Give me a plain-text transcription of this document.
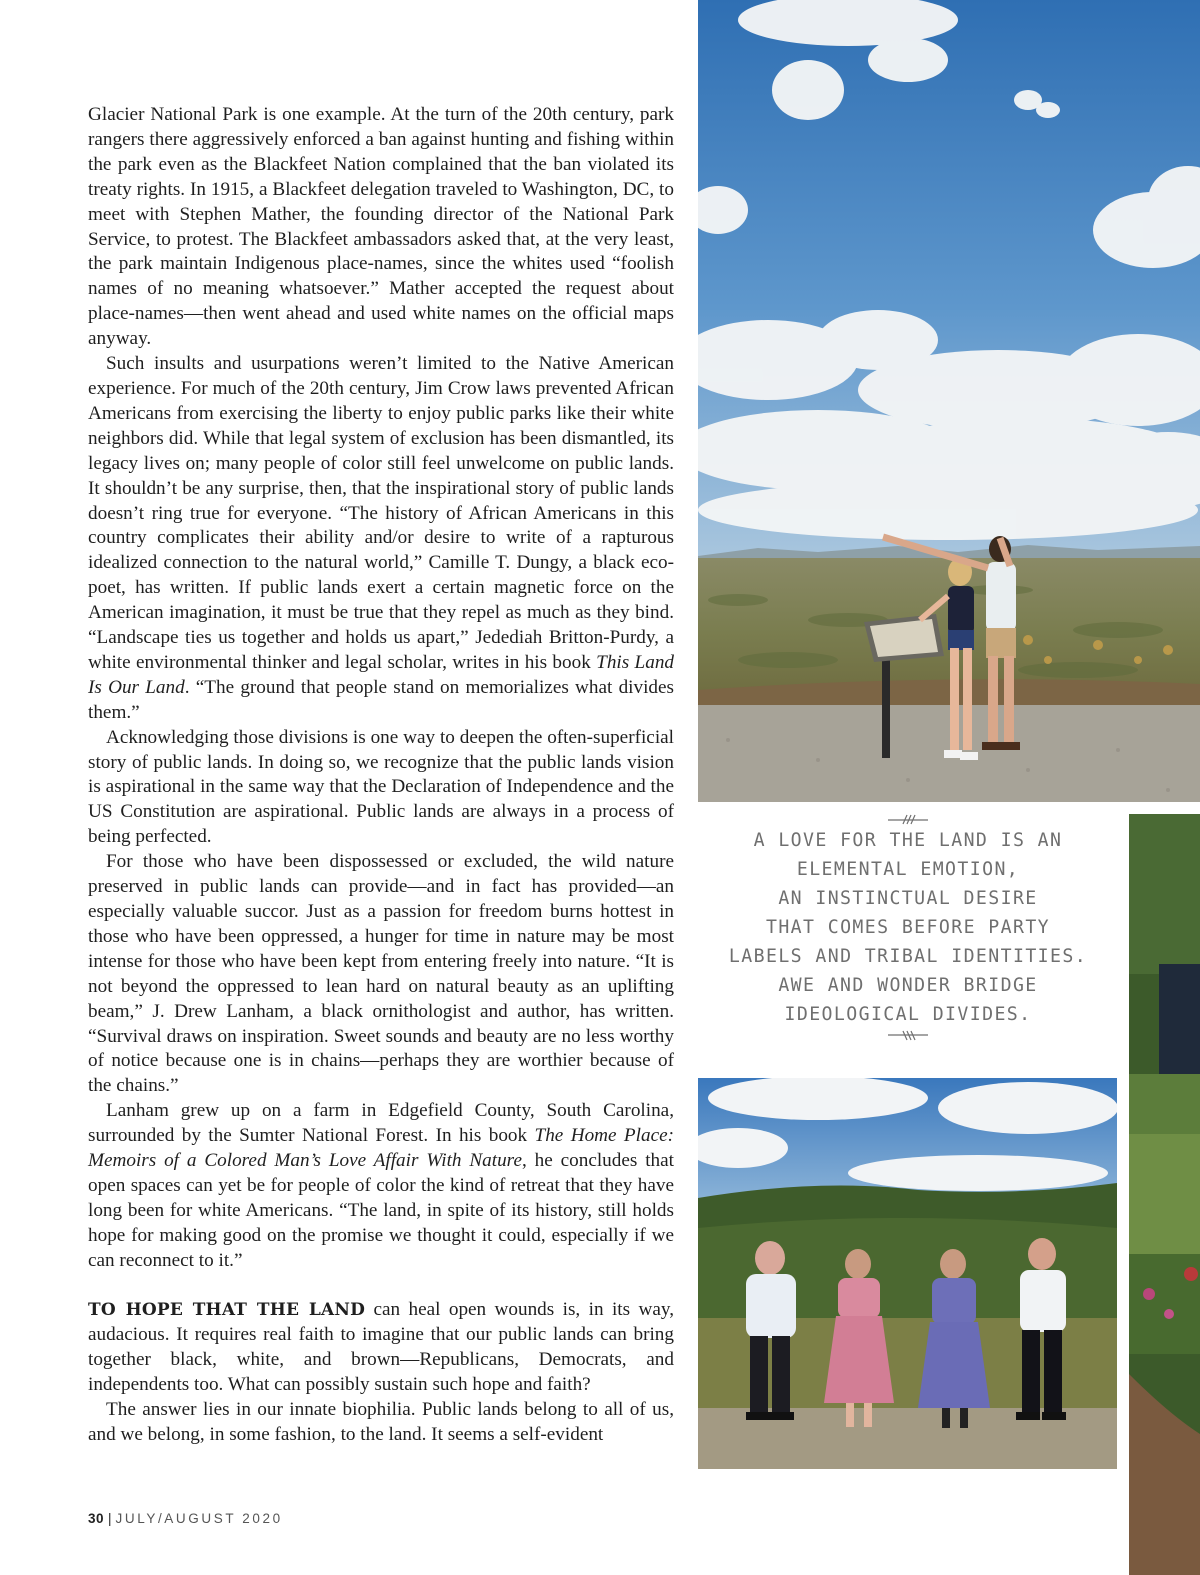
Glacier National Park is one example. At the turn of the 20th century, park rangers there aggressively enforced a ban against hunting and fishing within the park even as the Blackfeet Nation complained that the ban violated its treaty rights. In 1915, a Blackfeet delegation traveled to Washington, DC, to meet with Stephen Mather, the founding director of the National Park Service, to protest. The Blackfeet ambassadors asked that, at the very least, the park maintain Indigenous place-names, since the whites used “foolish names of no meaning whatsoever.” Mather accepted the request about place-names—then went ahead and used white names on the official maps anyway.

Such insults and usurpations weren’t limited to the Native American experience. For much of the 20th century, Jim Crow laws prevented African Americans from exercising the liberty to enjoy public parks like their white neighbors did. While that legal system of exclusion has been dismantled, its legacy lives on; many people of color still feel unwelcome on public lands. It shouldn’t be any surprise, then, that the inspirational story of public lands doesn’t ring true for everyone. “The history of African Americans in this country complicates their ability and/or desire to write of a rapturous idealized connection to the natural world,” Camille T. Dungy, a black eco-poet, has written. If public lands exert a certain magnetic force on the American imagination, it must be true that they repel as much as they bind. “Landscape ties us together and holds us apart,” Jedediah Britton-Purdy, a white environmental thinker and legal scholar, writes in his book This Land Is Our Land. “The ground that people stand on memorializes what divides them.”

Acknowledging those divisions is one way to deepen the often-superficial story of public lands. In doing so, we recognize that the public lands vision is aspirational in the same way that the Declaration of Independence and the US Constitution are aspirational. Public lands are always in a process of being perfected.

For those who have been dispossessed or excluded, the wild nature preserved in public lands can provide—and in fact has provided—an especially valuable succor. Just as a passion for freedom burns hottest in those who have been oppressed, a hunger for time in nature may be most intense for those who have been kept from entering freely into nature. “It is not beyond the oppressed to lean hard on natural beauty as an uplifting beam,” J. Drew Lanham, a black ornithologist and author, has written. “Survival draws on inspiration. Sweet sounds and beauty are no less worthy of notice because one is in chains—perhaps they are worthier because of the chains.”

Lanham grew up on a farm in Edgefield County, South Carolina, surrounded by the Sumter National Forest. In his book The Home Place: Memoirs of a Colored Man’s Love Affair With Nature, he concludes that open spaces can yet be for people of color the kind of retreat that they have long been for white Americans. “The land, in spite of its history, still holds hope for making good on the promise we thought it could, especially if we can reconnect to it.”

TO HOPE THAT THE LAND can heal open wounds is, in its way, audacious. It requires real faith to imagine that our public lands can bring together black, white, and brown—Republicans, Democrats, and independents too. What can possibly sustain such hope and faith?

The answer lies in our innate biophilia. Public lands belong to all of us, and we belong, in some fashion, to the land. It seems a self-evident

A LOVE FOR THE LAND IS AN
ELEMENTAL EMOTION,
AN INSTINCTUAL DESIRE
THAT COMES BEFORE PARTY
LABELS AND TRIBAL IDENTITIES.
AWE AND WONDER BRIDGE
IDEOLOGICAL DIVIDES.
30 | JULY/AUGUST 2020
